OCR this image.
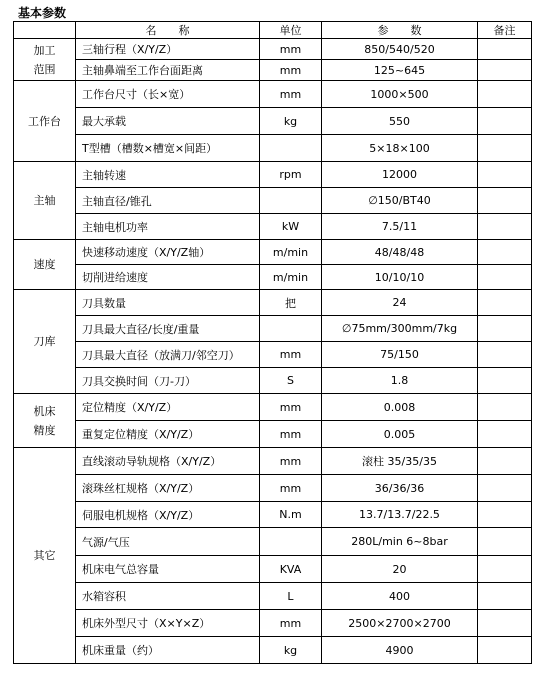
基本参数
	名　　称	单位	参　　数	备注
加工
范围	三轴行程（X/Y/Z）	mm	850/540/520	
	主轴鼻端至工作台面距离	mm	125~645	
工作台	工作台尺寸（长×宽）	mm	1000×500	
	最大承载	kg	550	
	T型槽（槽数×槽宽×间距）		5×18×100	
主轴	主轴转速	rpm	12000	
	主轴直径/锥孔		∅150/BT40	
	主轴电机功率	kW	7.5/11	
速度	快速移动速度（X/Y/Z轴）	m/min	48/48/48	
	切削进给速度	m/min	10/10/10	
刀库	刀具数量	把	24	
	刀具最大直径/长度/重量		∅75mm/300mm/7kg	
	刀具最大直径（放满刀/邻空刀）	mm	75/150	
	刀具交换时间（刀-刀）	S	1.8	
机床
精度	定位精度（X/Y/Z）	mm	0.008	
	重复定位精度（X/Y/Z）	mm	0.005	
其它	直线滚动导轨规格（X/Y/Z）	mm	滚柱 35/35/35	
	滚珠丝杠规格（X/Y/Z）	mm	36/36/36	
	伺服电机规格（X/Y/Z）	N.m	13.7/13.7/22.5	
	气源/气压		280L/min 6~8bar	
	机床电气总容量	KVA	20	
	水箱容积	L	400	
	机床外型尺寸（X×Y×Z）	mm	2500×2700×2700	
	机床重量（约）	kg	4900	
